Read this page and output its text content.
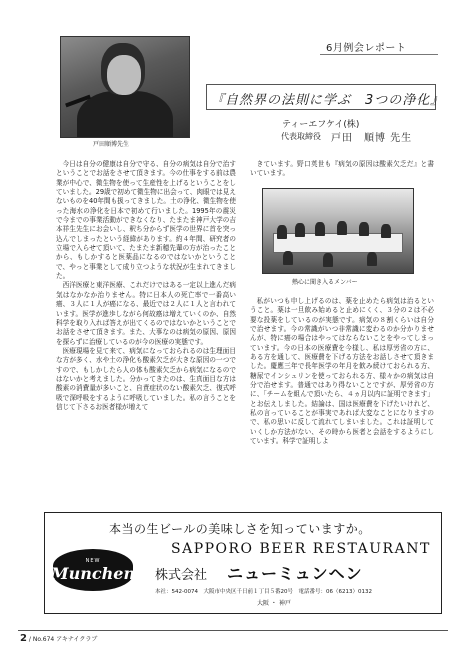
6月例会レポート
戸田順博先生
『自然界の法則に学ぶ　3つの浄化』
ティーエフケイ(株)
代表取締役 戸田　順博 先生

今日は自分の健康は自分で守る、自分の病気は自分で治すということでお話をさせて頂きます。今の仕事をする前は農業が中心で、微生物を使って生産性を上げるということをしていました。29歳で初めて微生物に出会って、肉眼では見えないものを40年間も扱ってきました。土の浄化、微生物を使った海水の浄化を日本で初めて行いました。1995年の震災で今までの事業活動ができなくなり、たまたま神戸大学の吉本祥生先生にお会いし、釈ち分からず医学の世界に首を突っ込んでしまったという経緯があります。約４年間、研究者の立場で入らせて頂いて、たまたま新穂先輩の方が治ったことから、もしかすると医薬品になるのではないかということで、やっと事業として成り立つような状況が生まれてきました。

西洋医療と東洋医療、これだけではある一定以上進んだ病気はなかなか治りません。特に日本人の死亡率で一番高い癌、３人に１人が癌になる、最近では２人に１人と言われています。医学が進歩しながら何故癌は増えていくのか、自然科学を取り入れば答えが出てくるのではないかということでお話をさせて頂きます。また、大事なのは病気の原因、原因を探らずに治療しているのが今の医療の実態です。

医療現場を見て来て、病気になっておられるのは生理面目な方が多く、水や土の浄化も酸素欠乏が大きな原因の一つですので、もしかしたら人の体も酸素欠乏から病気になるのではないかと考えました。分かってきたのは、生真面目な方は酸素の消費量が多いこと、自責症状のない酸素欠乏、復式呼吸で深呼吸をするように呼吸していました。私の言うことを信じて下さるお医者様が増えて

きています。野口英世も『病気の原因は酸素欠乏だ』と書いています。

熱心に聞き入るメンバー

私がいつも申し上げるのは、薬を止めたら病気は治るということ。薬は一旦飲み始めると止めにくく、３分の２は不必要な投薬をしているのが実態です。病気の８割くらいは自分で治せます。今の常識がいつ非常識に変わるのか分かりませんが、特に癌の場合はやってはならないことをやってしまっています。今の日本の医療費を今様し、私は厚労省の方に、ある方を通して、医療費を下げる方法をお話しさせて頂きました。慶應三年で長年医学の年月を飲み続けておられる方、糖尿でインシュリンを使っておられる方、様々かの病気は自分で治せます。普通ではあり得ないことですが、厚労省の方に、「チームを組んで頂いたら、４ヵ月以内に証明できます」とお伝えしました。結論は、国は医療費を下げたいけれど、私の言っていることが事実であれば大変なことになりますので、私の思いに反して流れてしまいました。これは証明していくしか方法がない、その時から医者と会話をするようにしています。科学で証明しよ

本当の生ビールの美味しさを知っていますか。
NEW
Munchen
SAPPORO BEER RESTAURANT
株式会社 ニューミュンヘン
本社：542-0074　大阪市中央区千日前１丁目５番20号　電話番号：06（6213）0132
大阪 ・ 神戸
2 / No.674 アキナイクラブ
